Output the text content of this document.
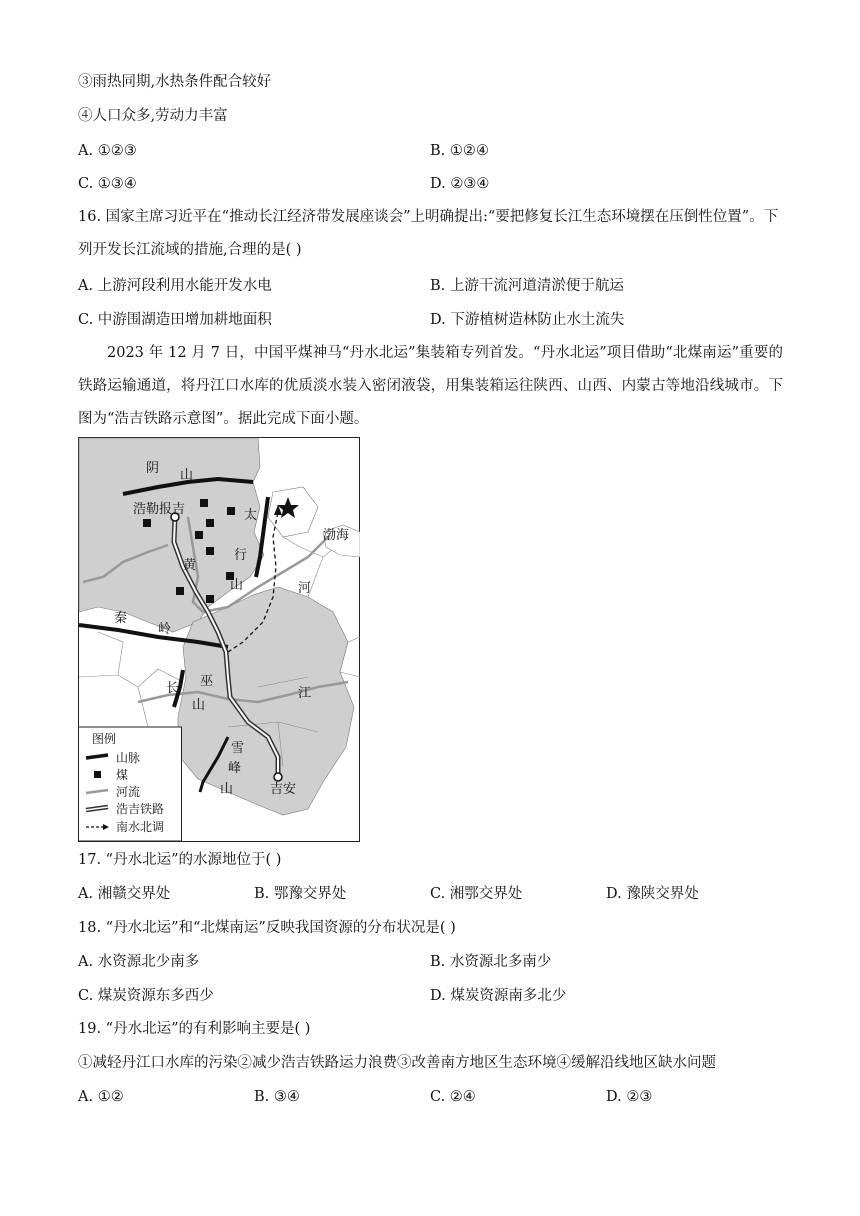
③雨热同期,水热条件配合较好
④人口众多,劳动力丰富
A. ①②③	B. ①②④
C. ①③④	D. ②③④
16. 国家主席习近平在“推动长江经济带发展座谈会”上明确提出:“要把修复长江生态环境摆在压倒性位置”。下列开发长江流域的措施,合理的是( )
A. 上游河段利用水能开发水电	B. 上游干流河道清淤便于航运
C. 中游围湖造田增加耕地面积	D. 下游植树造林防止水土流失
2023 年 12 月 7 日，中国平煤神马“丹水北运”集装箱专列首发。“丹水北运”项目借助“北煤南运”重要的铁路运输通道，将丹江口水库的优质淡水装入密闭液袋，用集装箱运往陕西、山西、内蒙古等地沿线城市。下图为“浩吉铁路示意图”。据此完成下面小题。
阴 山
浩勒报吉	太
行
山
渤海
黄
河
秦
岭
长	江
巫
山
雪
峰
山	吉安
图例
山脉
煤
河流
浩吉铁路
南水北调
17. “丹水北运”的水源地位于( )
A. 湘赣交界处	B. 鄂豫交界处	C. 湘鄂交界处	D. 豫陕交界处
18. “丹水北运”和“北煤南运”反映我国资源的分布状况是( )
A. 水资源北少南多	B. 水资源北多南少
C. 煤炭资源东多西少	D. 煤炭资源南多北少
19. “丹水北运”的有利影响主要是( )
①减轻丹江口水库的污染②减少浩吉铁路运力浪费③改善南方地区生态环境④缓解沿线地区缺水问题
A. ①②	B. ③④	C. ②④	D. ②③
